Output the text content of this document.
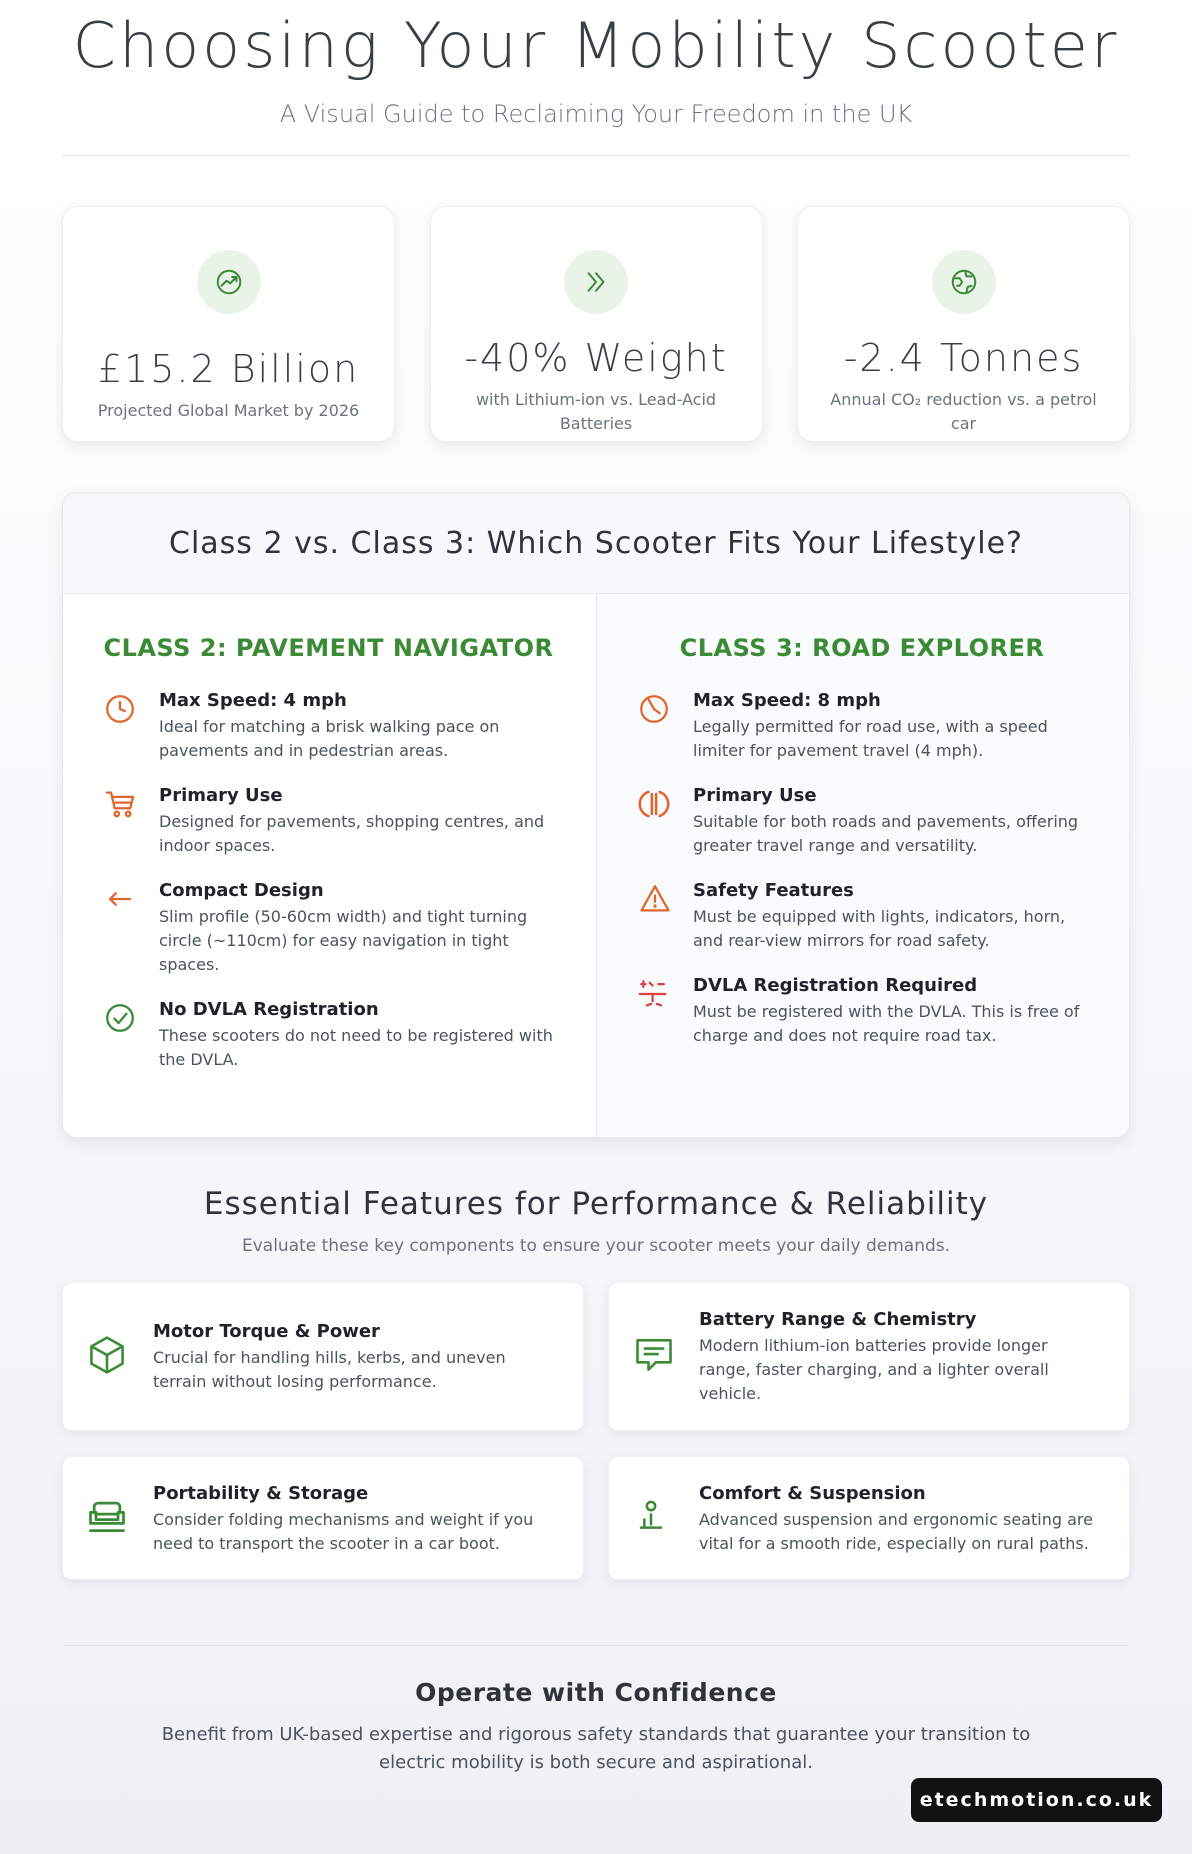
Choosing Your Mobility Scooter
A Visual Guide to Reclaiming Your Freedom in the UK
£15.2 Billion
Projected Global Market by 2026
-40% Weight
with Lithium-ion vs. Lead-Acid Batteries
-2.4 Tonnes
Annual CO₂ reduction vs. a petrol car
Class 2 vs. Class 3: Which Scooter Fits Your Lifestyle?
CLASS 2: PAVEMENT NAVIGATOR
Max Speed: 4 mph
Ideal for matching a brisk walking pace on pavements and in pedestrian areas.
Primary Use
Designed for pavements, shopping centres, and indoor spaces.
Compact Design
Slim profile (50-60cm width) and tight turning circle (~110cm) for easy navigation in tight spaces.
No DVLA Registration
These scooters do not need to be registered with the DVLA.
CLASS 3: ROAD EXPLORER
Max Speed: 8 mph
Legally permitted for road use, with a speed limiter for pavement travel (4 mph).
Primary Use
Suitable for both roads and pavements, offering greater travel range and versatility.
Safety Features
Must be equipped with lights, indicators, horn, and rear-view mirrors for road safety.
DVLA Registration Required
Must be registered with the DVLA. This is free of charge and does not require road tax.
Essential Features for Performance & Reliability
Evaluate these key components to ensure your scooter meets your daily demands.
Motor Torque & Power
Crucial for handling hills, kerbs, and uneven terrain without losing performance.
Battery Range & Chemistry
Modern lithium-ion batteries provide longer range, faster charging, and a lighter overall vehicle.
Portability & Storage
Consider folding mechanisms and weight if you need to transport the scooter in a car boot.
Comfort & Suspension
Advanced suspension and ergonomic seating are vital for a smooth ride, especially on rural paths.
Operate with Confidence
Benefit from UK-based expertise and rigorous safety standards that guarantee your transition to electric mobility is both secure and aspirational.
etechmotion.co.uk
